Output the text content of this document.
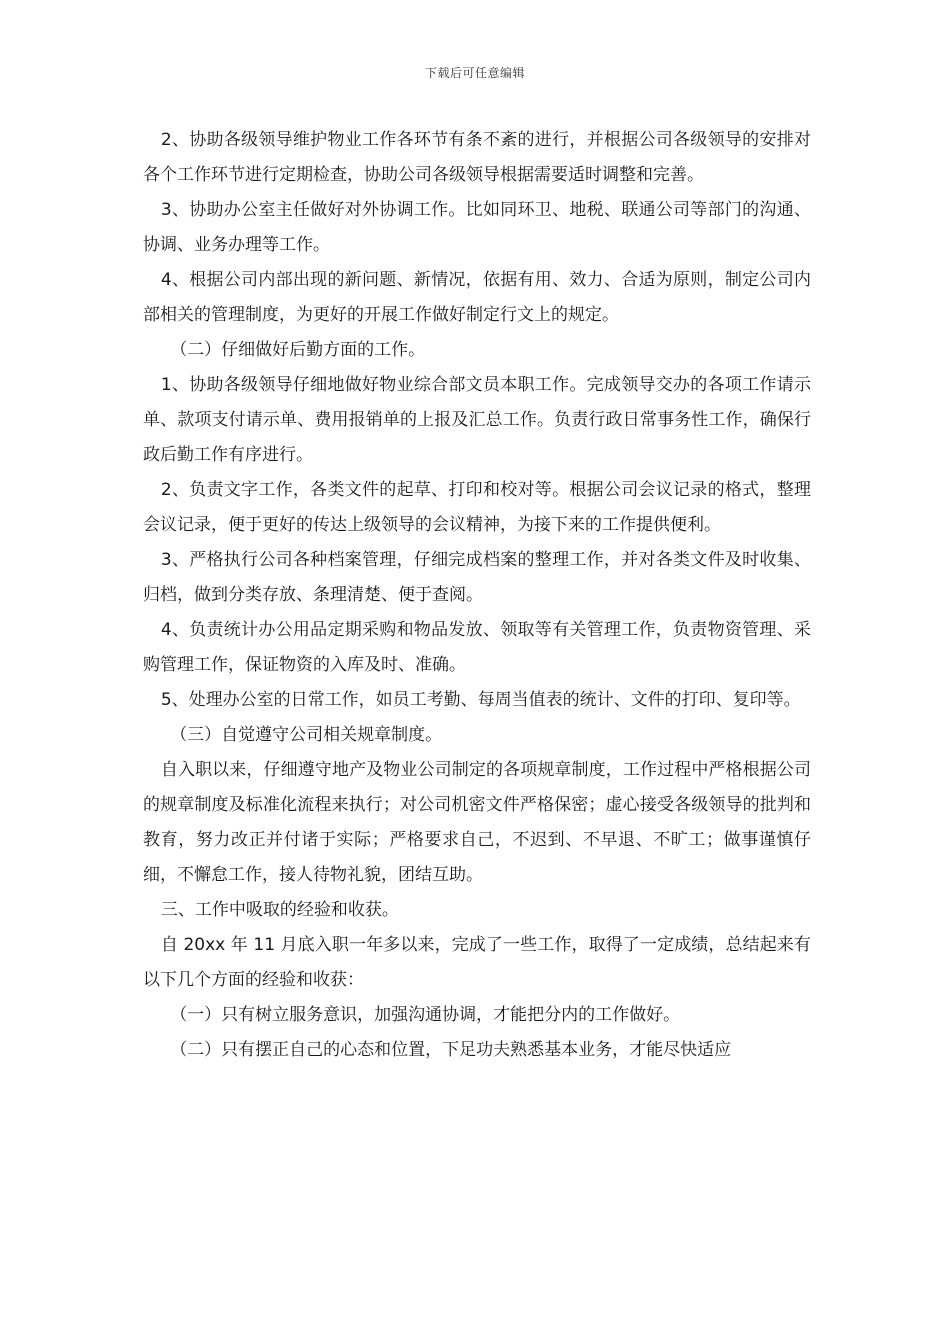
下载后可任意编辑

2、协助各级领导维护物业工作各环节有条不紊的进行，并根据公司各级领导的安排对各个工作环节进行定期检查，协助公司各级领导根据需要适时调整和完善。

3、协助办公室主任做好对外协调工作。比如同环卫、地税、联通公司等部门的沟通、协调、业务办理等工作。

4、根据公司内部出现的新问题、新情况，依据有用、效力、合适为原则，制定公司内部相关的管理制度，为更好的开展工作做好制定行文上的规定。

（二）仔细做好后勤方面的工作。

1、协助各级领导仔细地做好物业综合部文员本职工作。完成领导交办的各项工作请示单、款项支付请示单、费用报销单的上报及汇总工作。负责行政日常事务性工作，确保行政后勤工作有序进行。

2、负责文字工作，各类文件的起草、打印和校对等。根据公司会议记录的格式，整理会议记录，便于更好的传达上级领导的会议精神，为接下来的工作提供便利。

3、严格执行公司各种档案管理，仔细完成档案的整理工作，并对各类文件及时收集、归档，做到分类存放、条理清楚、便于查阅。

4、负责统计办公用品定期采购和物品发放、领取等有关管理工作，负责物资管理、采购管理工作，保证物资的入库及时、准确。

5、处理办公室的日常工作，如员工考勤、每周当值表的统计、文件的打印、复印等。

（三）自觉遵守公司相关规章制度。

自入职以来，仔细遵守地产及物业公司制定的各项规章制度，工作过程中严格根据公司的规章制度及标准化流程来执行；对公司机密文件严格保密；虚心接受各级领导的批判和教育，努力改正并付诸于实际；严格要求自己，不迟到、不早退、不旷工；做事谨慎仔细，不懈怠工作，接人待物礼貌，团结互助。

三、工作中吸取的经验和收获。

自 20xx 年 11 月底入职一年多以来，完成了一些工作，取得了一定成绩，总结起来有以下几个方面的经验和收获：

（一）只有树立服务意识，加强沟通协调，才能把分内的工作做好。

（二）只有摆正自己的心态和位置，下足功夫熟悉基本业务，才能尽快适应
